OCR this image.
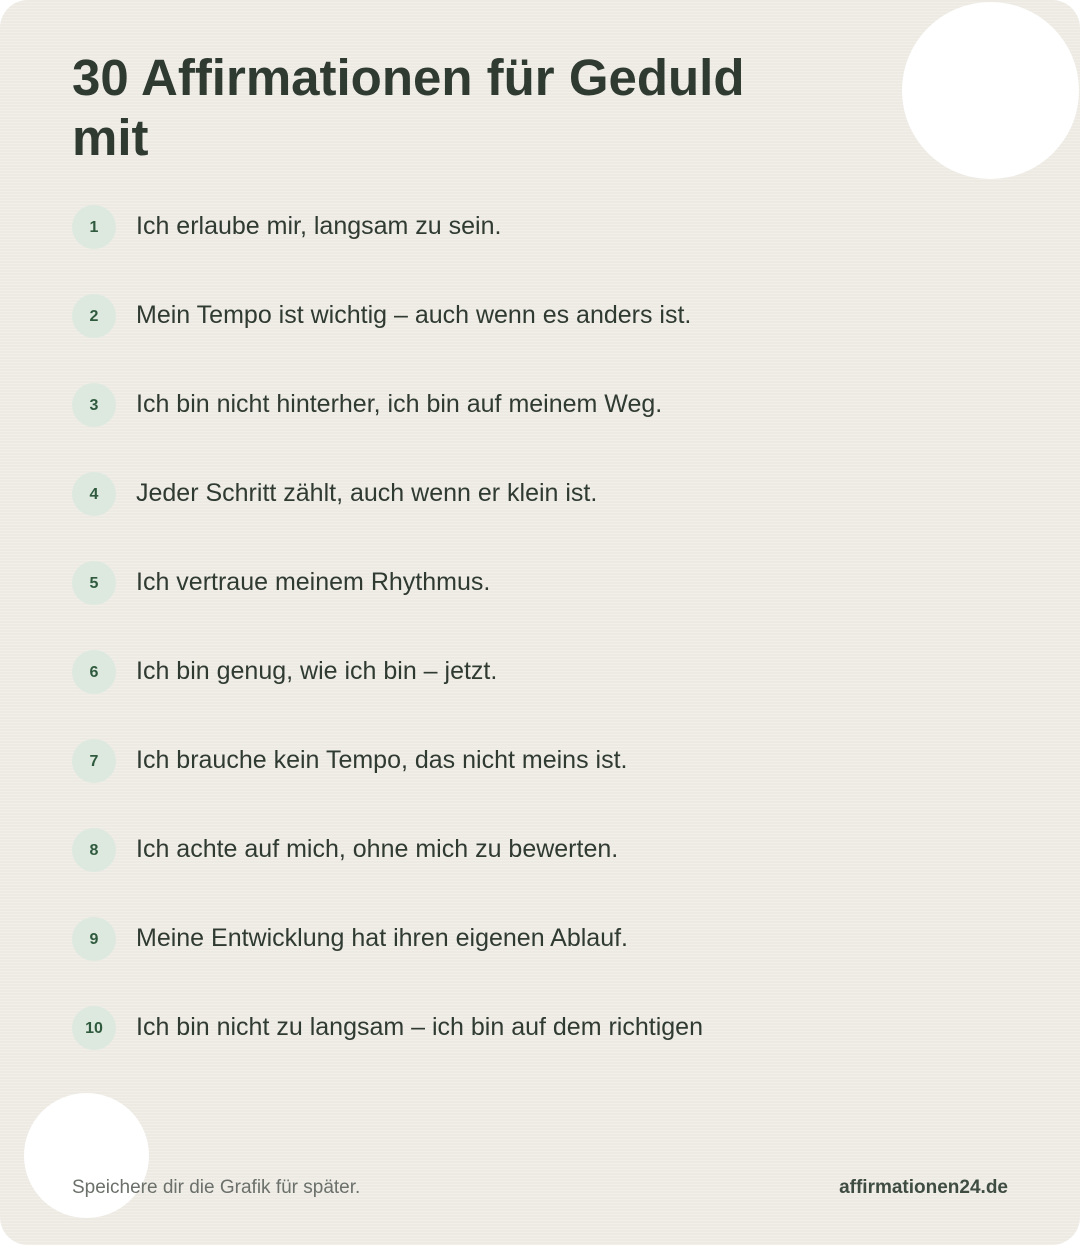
30 Affirmationen für Geduld mit
1	Ich erlaube mir, langsam zu sein.
2	Mein Tempo ist wichtig – auch wenn es anders ist.
3	Ich bin nicht hinterher, ich bin auf meinem Weg.
4	Jeder Schritt zählt, auch wenn er klein ist.
5	Ich vertraue meinem Rhythmus.
6	Ich bin genug, wie ich bin – jetzt.
7	Ich brauche kein Tempo, das nicht meins ist.
8	Ich achte auf mich, ohne mich zu bewerten.
9	Meine Entwicklung hat ihren eigenen Ablauf.
10	Ich bin nicht zu langsam – ich bin auf dem richtigen
Speichere dir die Grafik für später.	affirmationen24.de
